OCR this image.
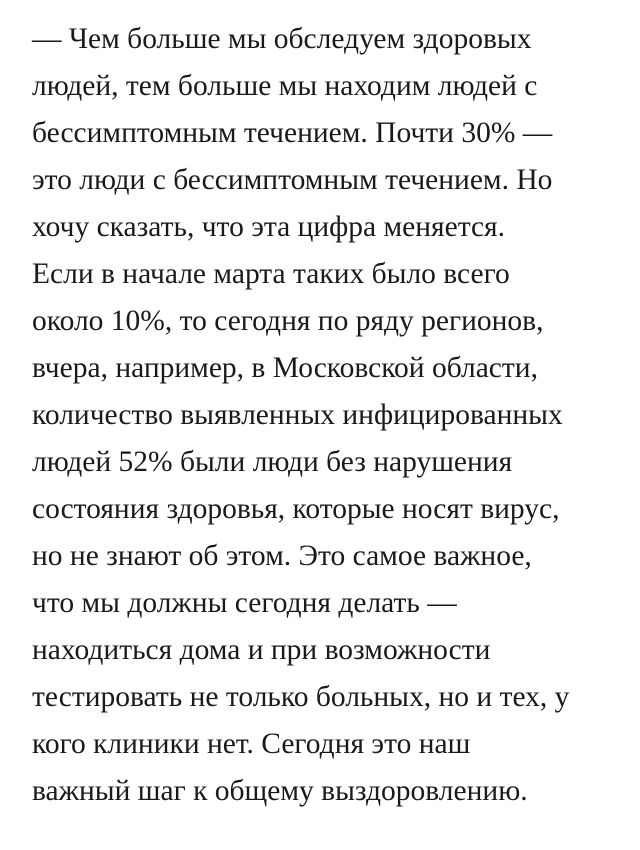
— Чем больше мы обследуем здоровых
людей, тем больше мы находим людей с
бессимптомным течением. Почти 30% —
это люди с бессимптомным течением. Но
хочу сказать, что эта цифра меняется.
Если в начале марта таких было всего
около 10%, то сегодня по ряду регионов,
вчера, например, в Московской области,
количество выявленных инфицированных
людей 52% были люди без нарушения
состояния здоровья, которые носят вирус,
но не знают об этом. Это самое важное,
что мы должны сегодня делать —
находиться дома и при возможности
тестировать не только больных, но и тех, у
кого клиники нет. Сегодня это наш
важный шаг к общему выздоровлению.
